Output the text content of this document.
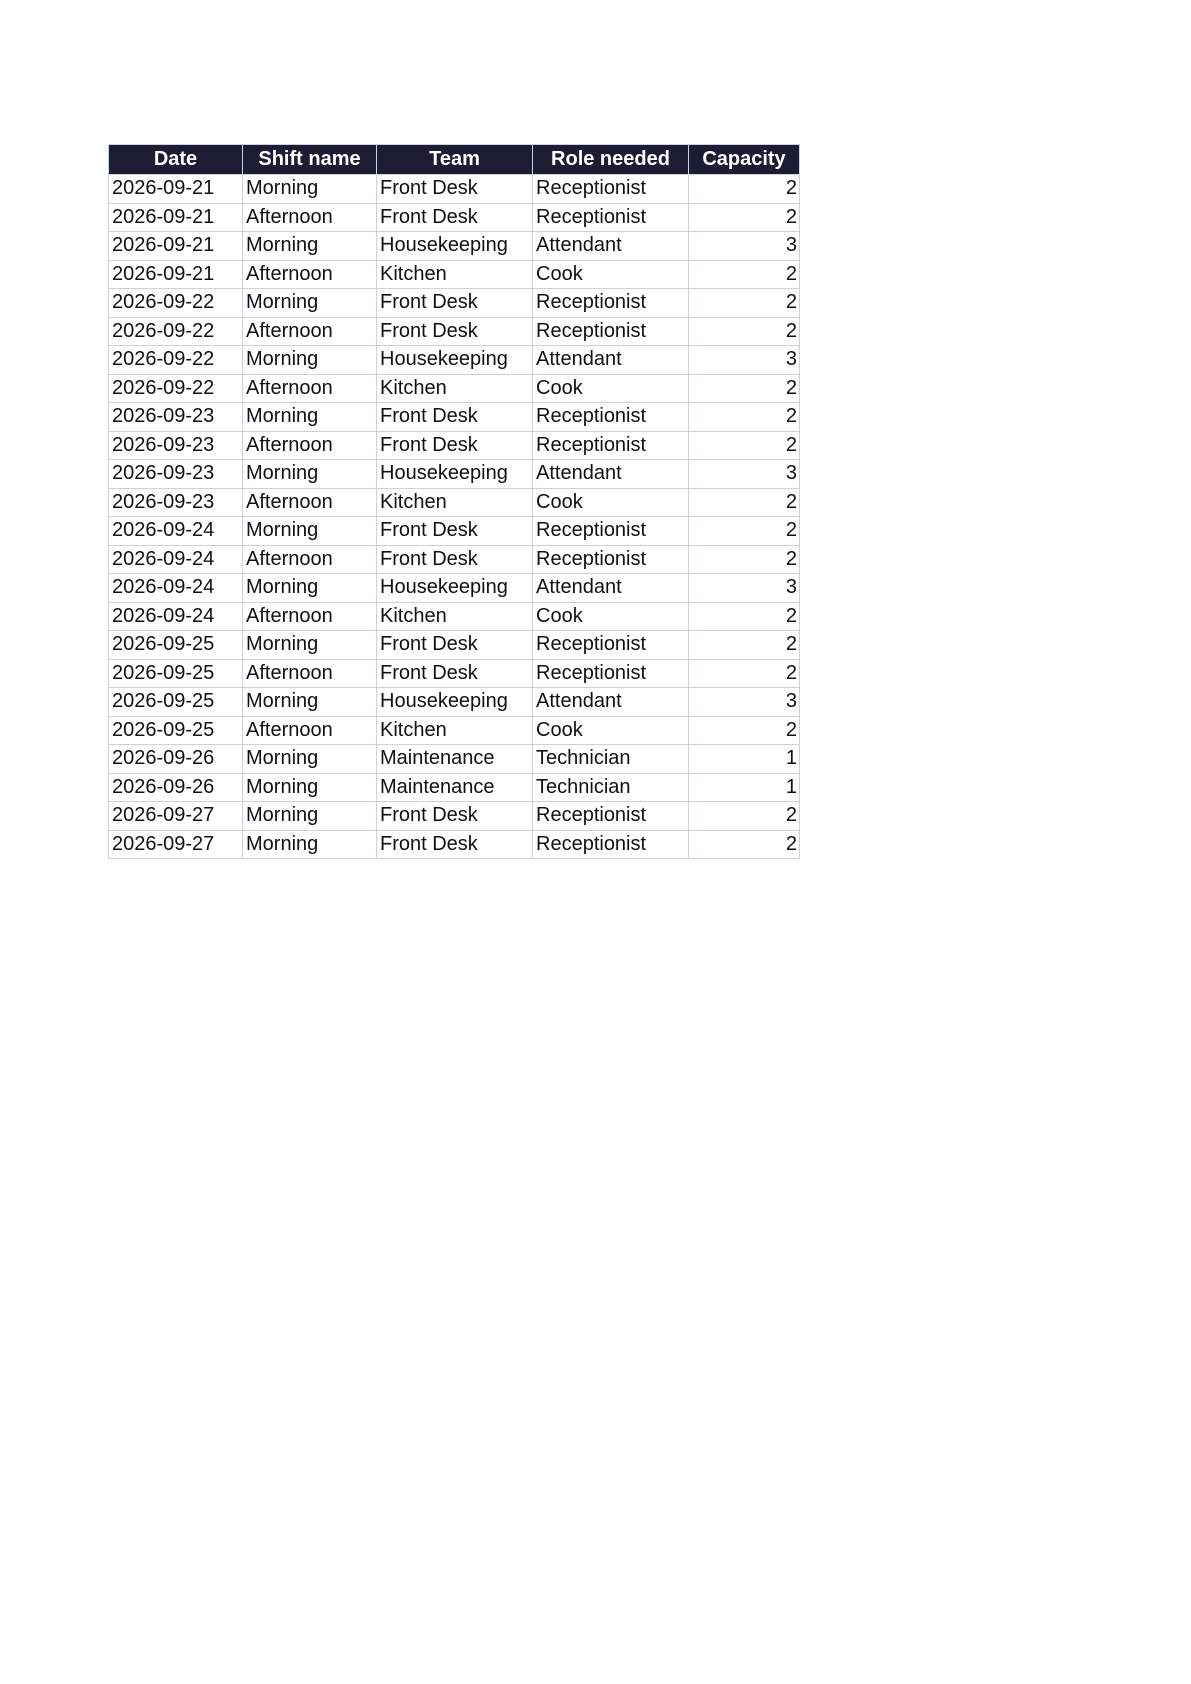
Date	Shift name	Team	Role needed	Capacity
2026-09-21	Morning	Front Desk	Receptionist	2
2026-09-21	Afternoon	Front Desk	Receptionist	2
2026-09-21	Morning	Housekeeping	Attendant	3
2026-09-21	Afternoon	Kitchen	Cook	2
2026-09-22	Morning	Front Desk	Receptionist	2
2026-09-22	Afternoon	Front Desk	Receptionist	2
2026-09-22	Morning	Housekeeping	Attendant	3
2026-09-22	Afternoon	Kitchen	Cook	2
2026-09-23	Morning	Front Desk	Receptionist	2
2026-09-23	Afternoon	Front Desk	Receptionist	2
2026-09-23	Morning	Housekeeping	Attendant	3
2026-09-23	Afternoon	Kitchen	Cook	2
2026-09-24	Morning	Front Desk	Receptionist	2
2026-09-24	Afternoon	Front Desk	Receptionist	2
2026-09-24	Morning	Housekeeping	Attendant	3
2026-09-24	Afternoon	Kitchen	Cook	2
2026-09-25	Morning	Front Desk	Receptionist	2
2026-09-25	Afternoon	Front Desk	Receptionist	2
2026-09-25	Morning	Housekeeping	Attendant	3
2026-09-25	Afternoon	Kitchen	Cook	2
2026-09-26	Morning	Maintenance	Technician	1
2026-09-26	Morning	Maintenance	Technician	1
2026-09-27	Morning	Front Desk	Receptionist	2
2026-09-27	Morning	Front Desk	Receptionist	2
